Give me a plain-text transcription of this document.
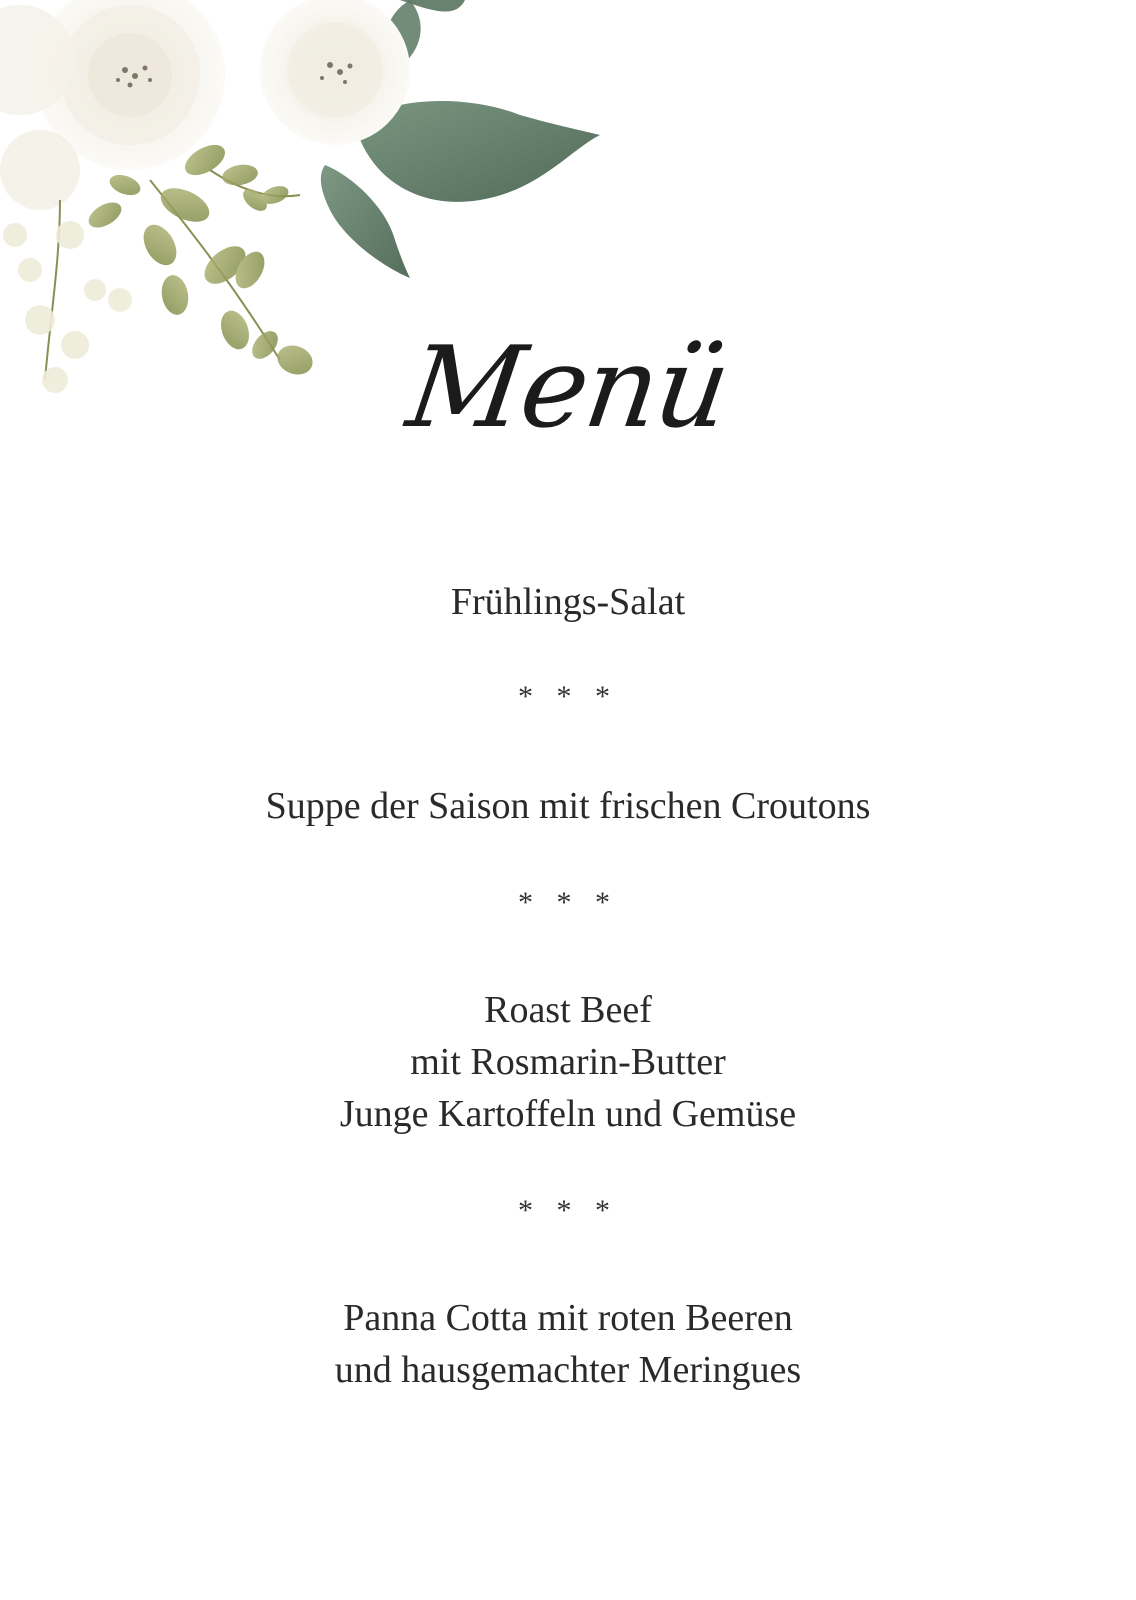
Menü
Frühlings-Salat
* * *
Suppe der Saison mit frischen Croutons
* * *
Roast Beef
mit Rosmarin-Butter
Junge Kartoffeln und Gemüse
* * *
Panna Cotta mit roten Beeren
und hausgemachter Meringues
